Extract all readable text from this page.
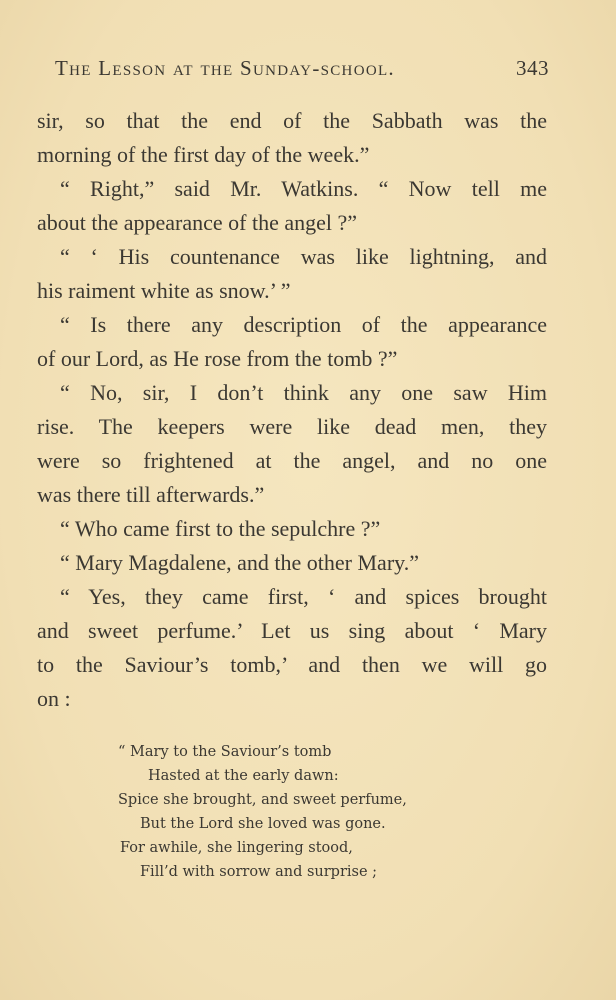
The Lesson at the Sunday-school.	343
sir, so that the end of the Sabbath was the
morning of the first day of the week.”
“ Right,” said Mr. Watkins. “ Now tell me
about the appearance of the angel ?”
“ ‘ His countenance was like lightning, and
his raiment white as snow.’ ”
“ Is there any description of the appearance
of our Lord, as He rose from the tomb ?”
“ No, sir, I don’t think any one saw Him
rise. The keepers were like dead men, they
were so frightened at the angel, and no one
was there till afterwards.”
“ Who came first to the sepulchre ?”
“ Mary Magdalene, and the other Mary.”
“ Yes, they came first, ‘ and spices brought
and sweet perfume.’ Let us sing about ‘ Mary
to the Saviour’s tomb,’ and then we will go
on :
“ Mary to the Saviour’s tomb
Hasted at the early dawn:
Spice she brought, and sweet perfume,
But the Lord she loved was gone.
For awhile, she lingering stood,
Fill’d with sorrow and surprise ;
